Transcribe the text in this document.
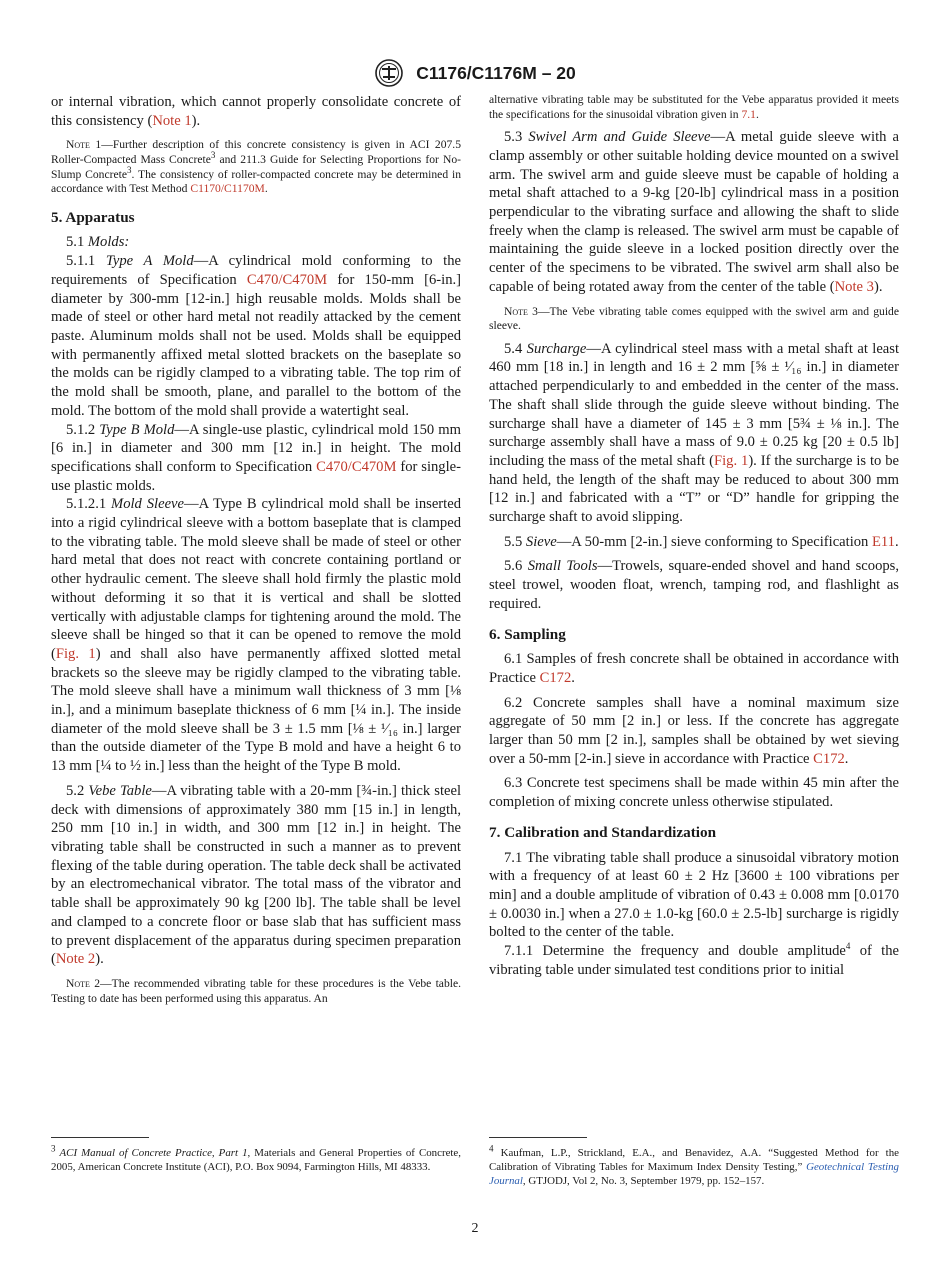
C1176/C1176M – 20

or internal vibration, which cannot properly consolidate concrete of this consistency (Note 1).

Note 1—Further description of this concrete consistency is given in ACI 207.5 Roller-Compacted Mass Concrete$^3$ and 211.3 Guide for Selecting Proportions for No-Slump Concrete$^3$. The consistency of roller-compacted concrete may be determined in accordance with Test Method C1170/C1170M.

5. Apparatus

5.1 Molds:

5.1.1 Type A Mold—A cylindrical mold conforming to the requirements of Specification C470/C470M for 150-mm [6-in.] diameter by 300-mm [12-in.] high reusable molds. Molds shall be made of steel or other hard metal not readily attacked by the cement paste. Aluminum molds shall not be used. Molds shall be equipped with permanently affixed metal slotted brackets on the baseplate so the molds can be rigidly clamped to a vibrating table. The top rim of the mold shall be smooth, plane, and parallel to the bottom of the mold. The bottom of the mold shall provide a watertight seal.

5.1.2 Type B Mold—A single-use plastic, cylindrical mold 150 mm [6 in.] in diameter and 300 mm [12 in.] in height. The mold specifications shall conform to Specification C470/C470M for single-use plastic molds.

5.1.2.1 Mold Sleeve—A Type B cylindrical mold shall be inserted into a rigid cylindrical sleeve with a bottom baseplate that is clamped to the vibrating table. The mold sleeve shall be made of steel or other hard metal that does not react with concrete containing portland or other hydraulic cement. The sleeve shall hold firmly the plastic mold without deforming it so that it is vertical and shall be slotted vertically with adjustable clamps for tightening around the mold. The sleeve shall be hinged so that it can be opened to remove the mold (Fig. 1) and shall also have permanently affixed slotted metal brackets so the sleeve may be rigidly clamped to the vibrating table. The mold sleeve shall have a minimum wall thickness of 3 mm [⅛ in.], and a minimum baseplate thickness of 6 mm [¼ in.]. The inside diameter of the mold sleeve shall be 3 ± 1.5 mm [⅛ ± ¹⁄₁₆ in.] larger than the outside diameter of the Type B mold and have a height 6 to 13 mm [¼ to ½ in.] less than the height of the Type B mold.

5.2 Vebe Table—A vibrating table with a 20-mm [¾-in.] thick steel deck with dimensions of approximately 380 mm [15 in.] in length, 250 mm [10 in.] in width, and 300 mm [12 in.] in height. The vibrating table shall be constructed in such a manner as to prevent flexing of the table during operation. The table deck shall be activated by an electromechanical vibrator. The total mass of the vibrator and table shall be approximately 90 kg [200 lb]. The table shall be level and clamped to a concrete floor or base slab that has sufficient mass to prevent displacement of the apparatus during specimen preparation (Note 2).

Note 2—The recommended vibrating table for these procedures is the Vebe table. Testing to date has been performed using this apparatus. An

$^3$ ACI Manual of Concrete Practice, Part 1, Materials and General Properties of Concrete, 2005, American Concrete Institute (ACI), P.O. Box 9094, Farmington Hills, MI 48333.

alternative vibrating table may be substituted for the Vebe apparatus provided it meets the specifications for the sinusoidal vibration given in 7.1.

5.3 Swivel Arm and Guide Sleeve—A metal guide sleeve with a clamp assembly or other suitable holding device mounted on a swivel arm. The swivel arm and guide sleeve must be capable of holding a metal shaft attached to a 9-kg [20-lb] cylindrical mass in a position perpendicular to the vibrating surface and allowing the shaft to slide freely when the clamp is released. The swivel arm must be capable of maintaining the guide sleeve in a locked position directly over the center of the specimens to be vibrated. The swivel arm shall also be capable of being rotated away from the center of the table (Note 3).

Note 3—The Vebe vibrating table comes equipped with the swivel arm and guide sleeve.

5.4 Surcharge—A cylindrical steel mass with a metal shaft at least 460 mm [18 in.] in length and 16 ± 2 mm [⅝ ± ¹⁄₁₆ in.] in diameter attached perpendicularly to and embedded in the center of the mass. The shaft shall slide through the guide sleeve without binding. The surcharge shall have a diameter of 145 ± 3 mm [5¾ ± ⅛ in.]. The surcharge assembly shall have a mass of 9.0 ± 0.25 kg [20 ± 0.5 lb] including the mass of the metal shaft (Fig. 1). If the surcharge is to be hand held, the length of the shaft may be reduced to about 300 mm [12 in.] and fabricated with a “T” or “D” handle for gripping the surcharge shaft to avoid slipping.

5.5 Sieve—A 50-mm [2-in.] sieve conforming to Specification E11.

5.6 Small Tools—Trowels, square-ended shovel and hand scoops, steel trowel, wooden float, wrench, tamping rod, and flashlight as required.

6. Sampling

6.1 Samples of fresh concrete shall be obtained in accordance with Practice C172.

6.2 Concrete samples shall have a nominal maximum size aggregate of 50 mm [2 in.] or less. If the concrete has aggregate larger than 50 mm [2 in.], samples shall be obtained by wet sieving over a 50-mm [2-in.] sieve in accordance with Practice C172.

6.3 Concrete test specimens shall be made within 45 min after the completion of mixing concrete unless otherwise stipulated.

7. Calibration and Standardization

7.1 The vibrating table shall produce a sinusoidal vibratory motion with a frequency of at least 60 ± 2 Hz [3600 ± 100 vibrations per min] and a double amplitude of vibration of 0.43 ± 0.008 mm [0.0170 ± 0.0030 in.] when a 27.0 ± 1.0-kg [60.0 ± 2.5-lb] surcharge is rigidly bolted to the center of the table.

7.1.1 Determine the frequency and double amplitude$^4$ of the vibrating table under simulated test conditions prior to initial

$^4$ Kaufman, L.P., Strickland, E.A., and Benavidez, A.A. “Suggested Method for the Calibration of Vibrating Tables for Maximum Index Density Testing,” Geotechnical Testing Journal, GTJODJ, Vol 2, No. 3, September 1979, pp. 152–157.
2
